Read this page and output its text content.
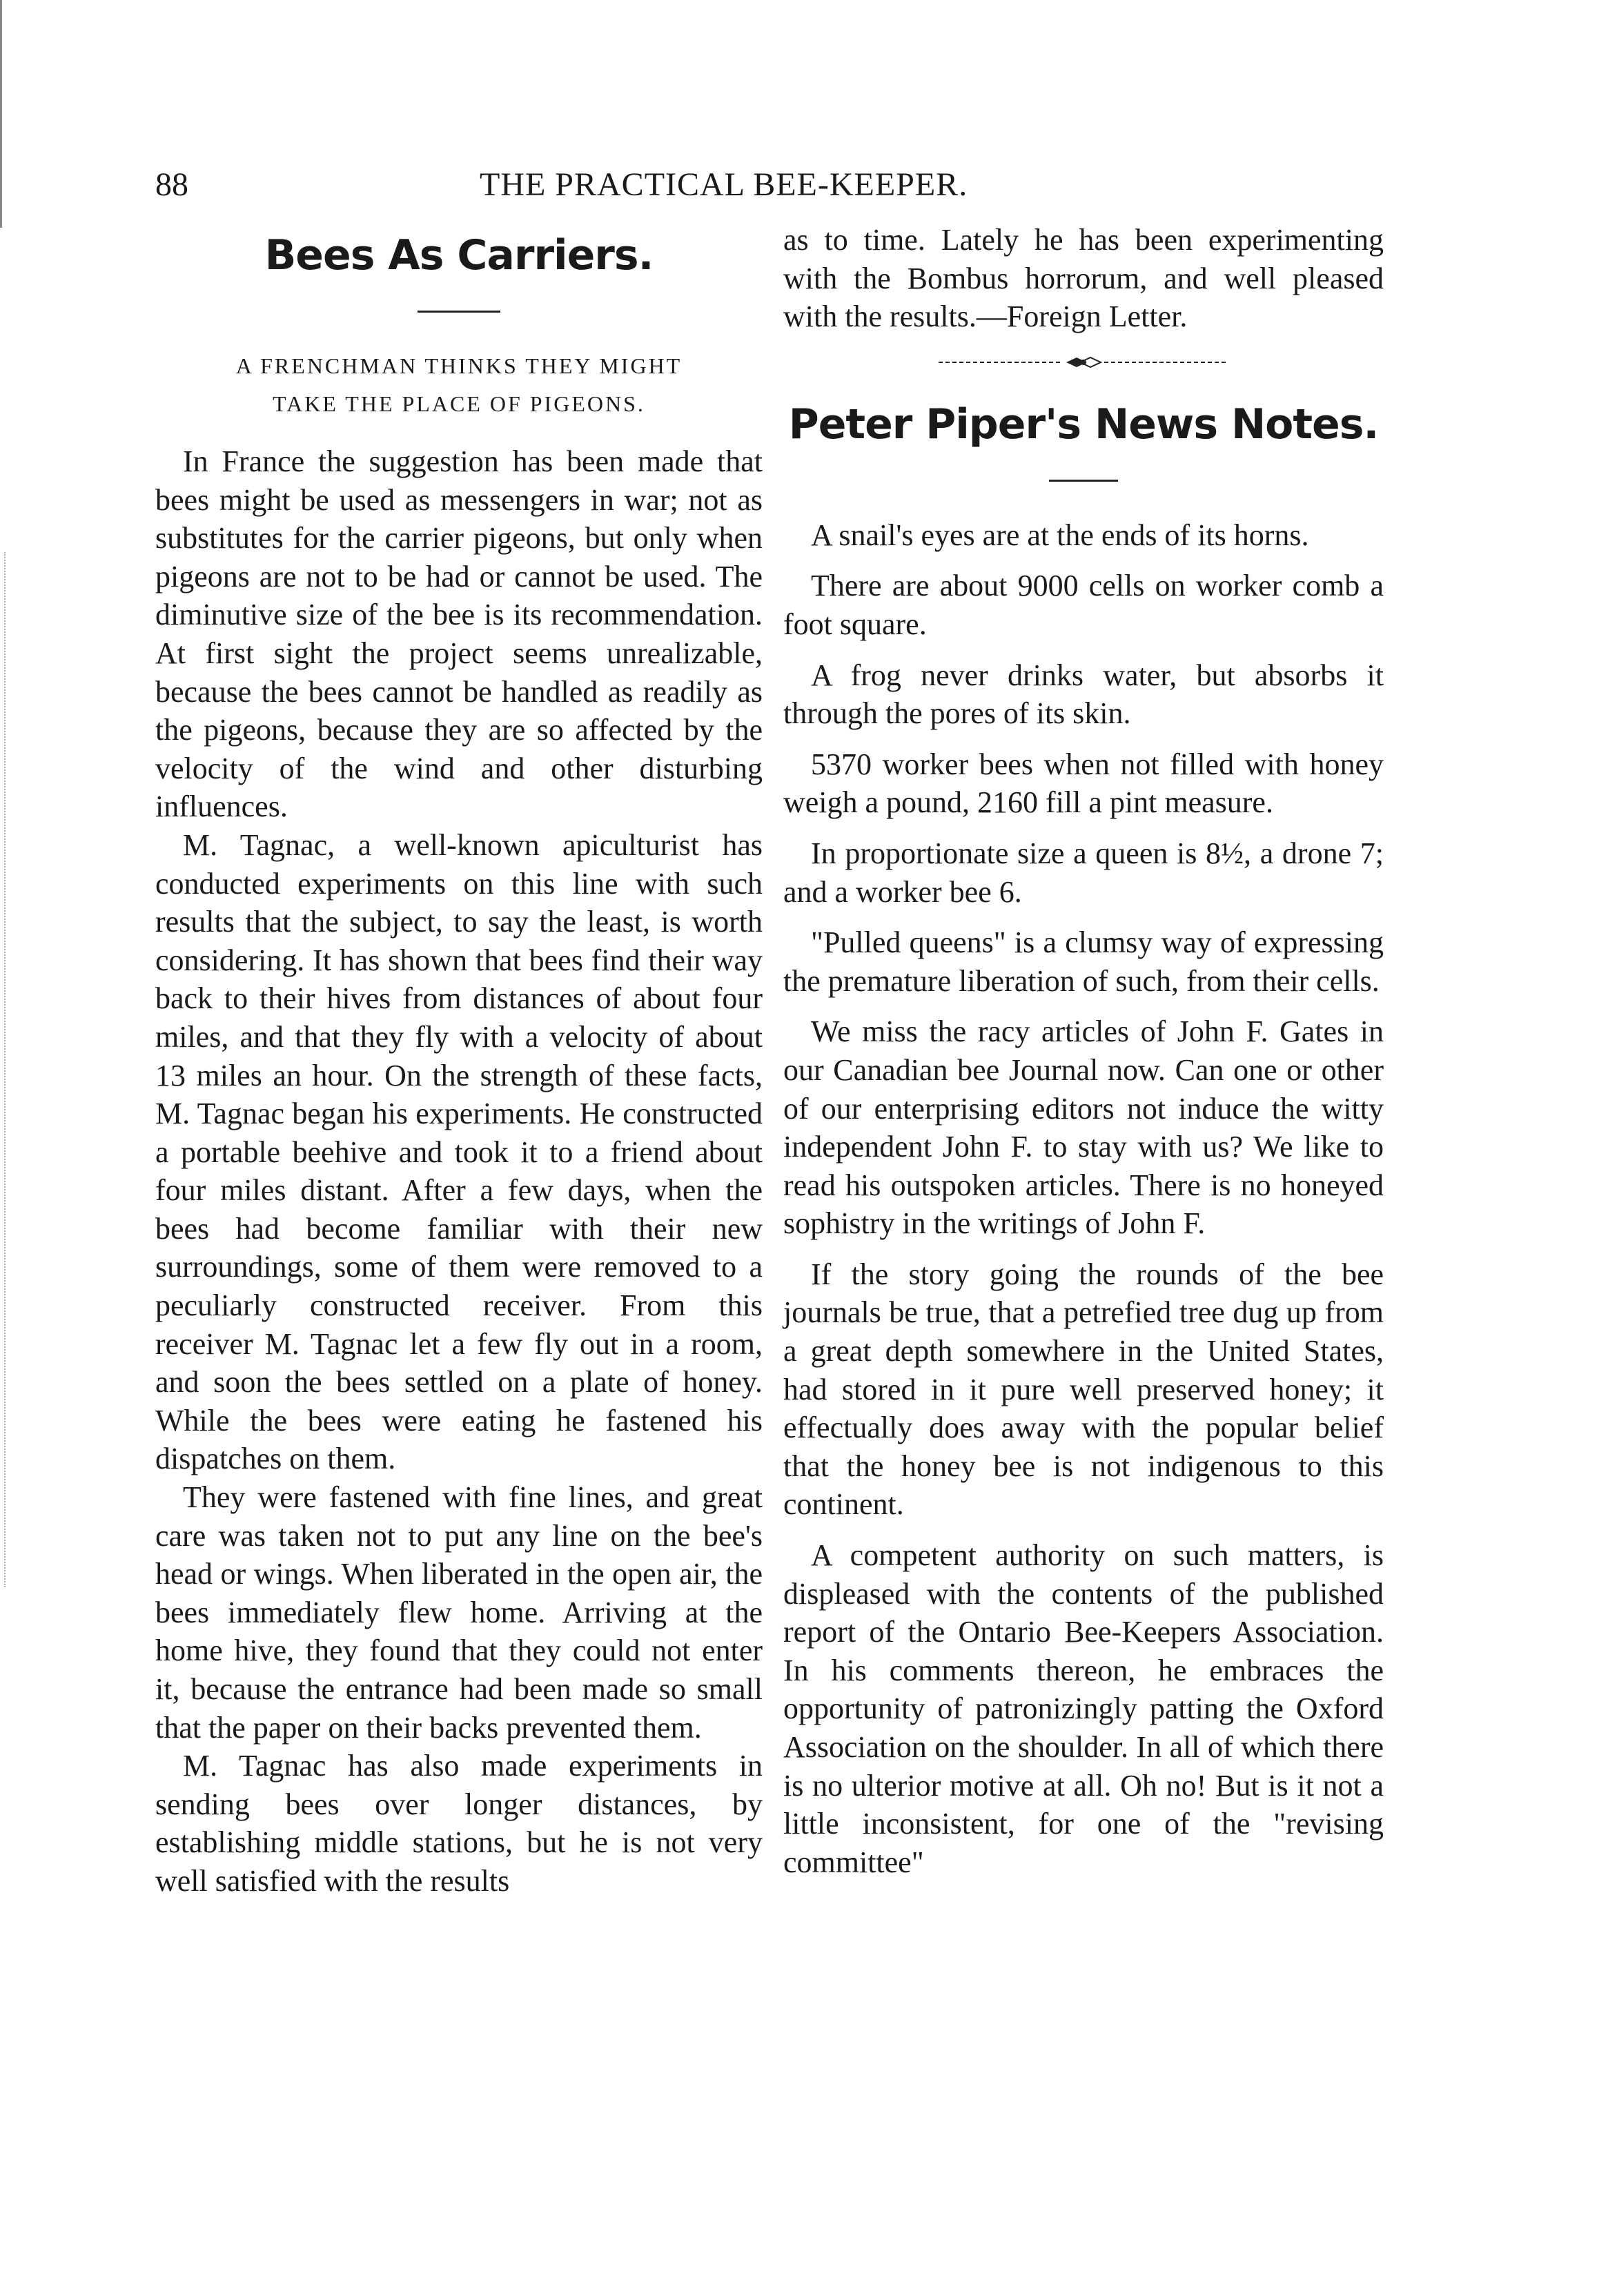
88	THE PRACTICAL BEE-KEEPER.
Bees As Carriers.
A FRENCHMAN THINKS THEY MIGHT
TAKE THE PLACE OF PIGEONS.

In France the suggestion has been made that bees might be used as messengers in war; not as substitutes for the carrier pigeons, but only when pigeons are not to be had or cannot be used. The diminutive size of the bee is its recommendation. At first sight the project seems unrealizable, because the bees cannot be handled as readily as the pigeons, because they are so affected by the velocity of the wind and other disturbing influences.

M. Tagnac, a well-known apiculturist has conducted experiments on this line with such results that the subject, to say the least, is worth considering. It has shown that bees find their way back to their hives from distances of about four miles, and that they fly with a velocity of about 13 miles an hour. On the strength of these facts, M. Tagnac began his experiments. He constructed a portable beehive and took it to a friend about four miles distant. After a few days, when the bees had become familiar with their new surroundings, some of them were removed to a peculiarly constructed receiver. From this receiver M. Tagnac let a few fly out in a room, and soon the bees settled on a plate of honey. While the bees were eating he fastened his dispatches on them.

They were fastened with fine lines, and great care was taken not to put any line on the bee's head or wings. When liberated in the open air, the bees immediately flew home. Arriving at the home hive, they found that they could not enter it, because the entrance had been made so small that the paper on their backs prevented them.

M. Tagnac has also made experiments in sending bees over longer distances, by establishing middle stations, but he is not very well satisfied with the results

as to time. Lately he has been experimenting with the Bombus horrorum, and well pleased with the results.—Foreign Letter.

Peter Piper's News Notes.

A snail's eyes are at the ends of its horns.

There are about 9000 cells on worker comb a foot square.

A frog never drinks water, but absorbs it through the pores of its skin.

5370 worker bees when not filled with honey weigh a pound, 2160 fill a pint measure.

In proportionate size a queen is 8½, a drone 7; and a worker bee 6.

"Pulled queens" is a clumsy way of expressing the premature liberation of such, from their cells.

We miss the racy articles of John F. Gates in our Canadian bee Journal now. Can one or other of our enterprising editors not induce the witty independent John F. to stay with us? We like to read his outspoken articles. There is no honeyed sophistry in the writings of John F.

If the story going the rounds of the bee journals be true, that a petrefied tree dug up from a great depth somewhere in the United States, had stored in it pure well preserved honey; it effectually does away with the popular belief that the honey bee is not indigenous to this continent.

A competent authority on such matters, is displeased with the contents of the published report of the Ontario Bee-Keepers Association. In his comments thereon, he embraces the opportunity of patronizingly patting the Oxford Association on the shoulder. In all of which there is no ulterior motive at all. Oh no! But is it not a little inconsistent, for one of the "revising committee"
